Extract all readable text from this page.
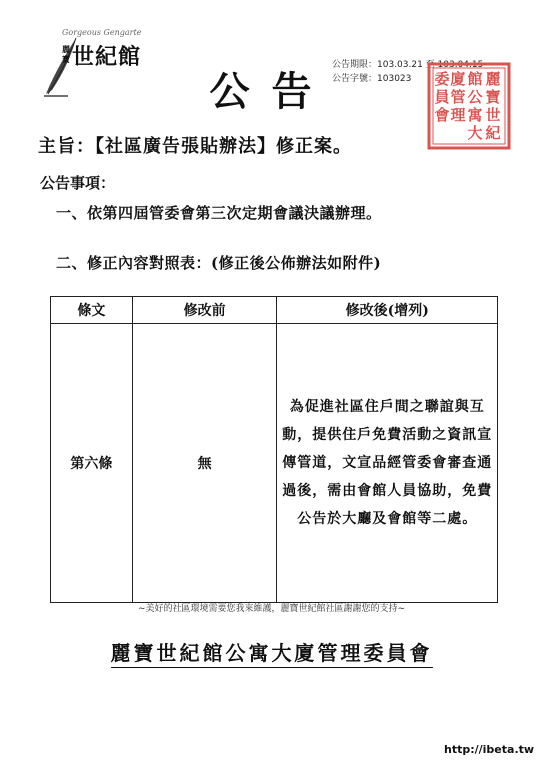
Gorgeous Gengarte
麗寶 世紀館
公告
公告期限：103.03.21 至 103.04.15
公告字號：103023	麗
寶
世
紀
館
公
寓
大
廈
管
理
委
員
會
主旨：【社區廣告張貼辦法】修正案。
公告事項：
一、依第四屆管委會第三次定期會議決議辦理。
二、修正內容對照表：(修正後公佈辦法如附件)
條文	修改前	修改後(增列)
第六條	無	為促進社區住戶間之聯誼與互動，提供住戶免費活動之資訊宣傳管道，文宣品經管委會審查通過後，需由會館人員協助，免費公告於大廳及會館等二處。
~美好的社區環境需要您我來維護，麗寶世紀館社區謝謝您的支持~
麗寶世紀館公寓大廈管理委員會
http://ibeta.tw
